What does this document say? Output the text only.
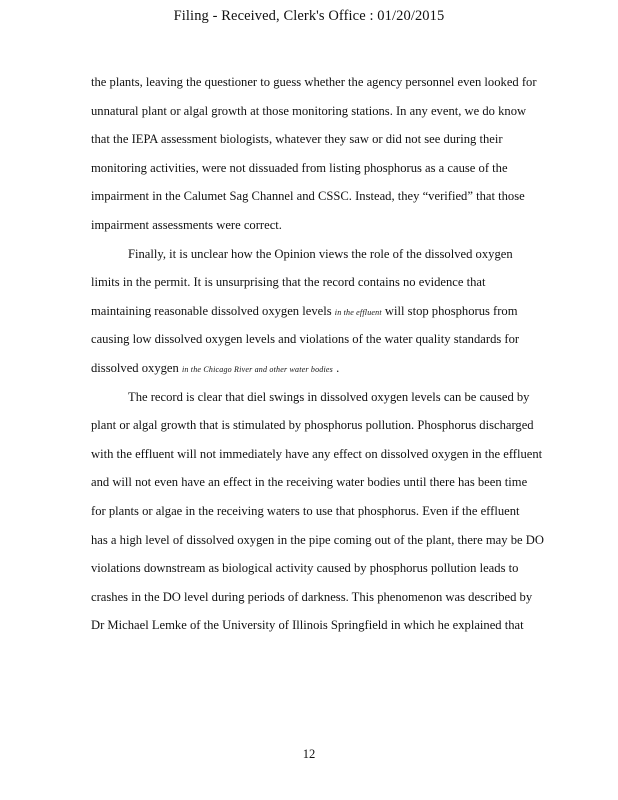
Filing - Received, Clerk's Office : 01/20/2015
the plants, leaving the questioner to guess whether the agency personnel even looked for
unnatural plant or algal growth at those monitoring stations. In any event, we do know
that the IEPA assessment biologists, whatever they saw or did not see during their
monitoring activities, were not dissuaded from listing phosphorus as a cause of the
impairment in the Calumet Sag Channel and CSSC. Instead, they “verified” that those
impairment assessments were correct.
Finally, it is unclear how the Opinion views the role of the dissolved oxygen
limits in the permit. It is unsurprising that the record contains no evidence that
maintaining reasonable dissolved oxygen levels in the effluent will stop phosphorus from
causing low dissolved oxygen levels and violations of the water quality standards for
dissolved oxygen in the Chicago River and other water bodies .
The record is clear that diel swings in dissolved oxygen levels can be caused by
plant or algal growth that is stimulated by phosphorus pollution. Phosphorus discharged
with the effluent will not immediately have any effect on dissolved oxygen in the effluent
and will not even have an effect in the receiving water bodies until there has been time
for plants or algae in the receiving waters to use that phosphorus. Even if the effluent
has a high level of dissolved oxygen in the pipe coming out of the plant, there may be DO
violations downstream as biological activity caused by phosphorus pollution leads to
crashes in the DO level during periods of darkness. This phenomenon was described by
Dr Michael Lemke of the University of Illinois Springfield in which he explained that
12
